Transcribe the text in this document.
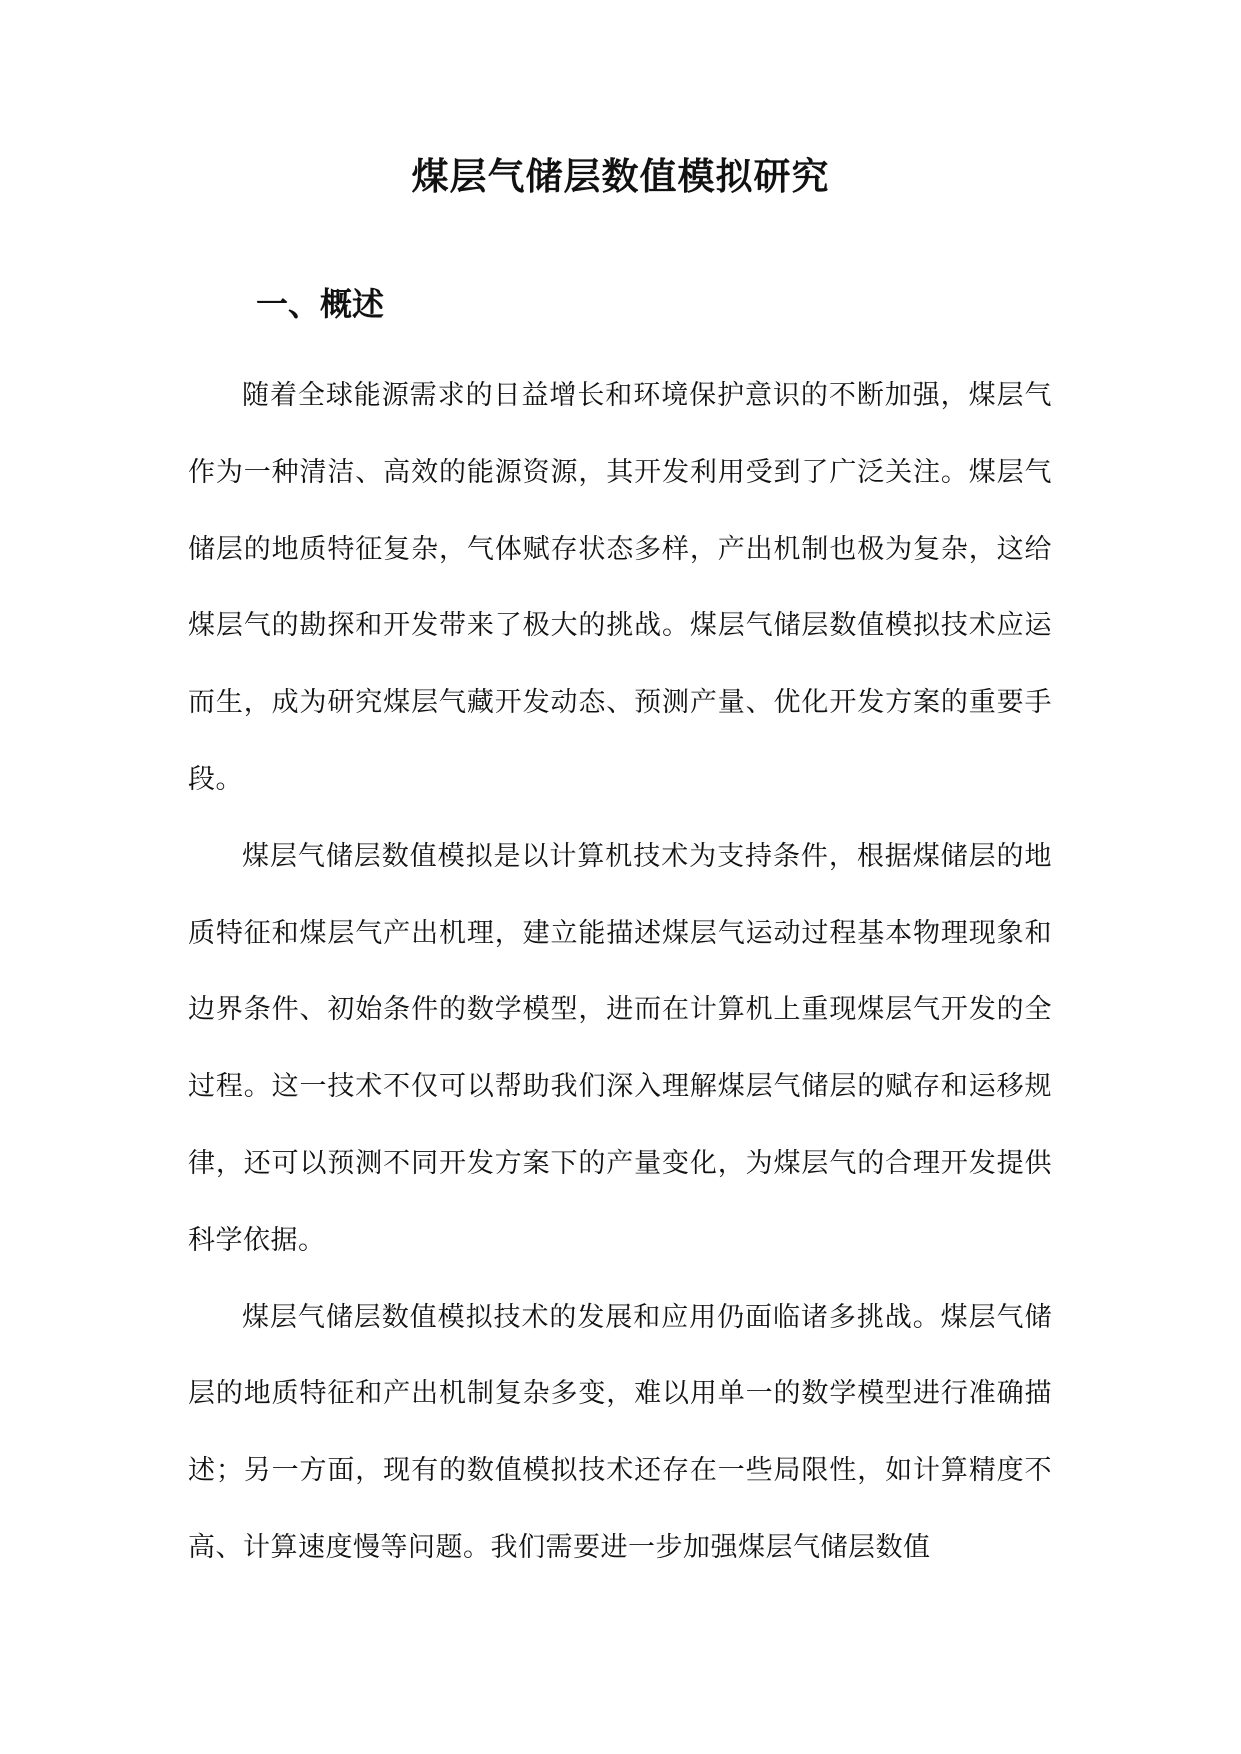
煤层气储层数值模拟研究
一、概述

随着全球能源需求的日益增长和环境保护意识的不断加强，煤层气作为一种清洁、高效的能源资源，其开发利用受到了广泛关注。煤层气储层的地质特征复杂，气体赋存状态多样，产出机制也极为复杂，这给煤层气的勘探和开发带来了极大的挑战。煤层气储层数值模拟技术应运而生，成为研究煤层气藏开发动态、预测产量、优化开发方案的重要手段。

煤层气储层数值模拟是以计算机技术为支持条件，根据煤储层的地质特征和煤层气产出机理，建立能描述煤层气运动过程基本物理现象和边界条件、初始条件的数学模型，进而在计算机上重现煤层气开发的全过程。这一技术不仅可以帮助我们深入理解煤层气储层的赋存和运移规律，还可以预测不同开发方案下的产量变化，为煤层气的合理开发提供科学依据。

煤层气储层数值模拟技术的发展和应用仍面临诸多挑战。煤层气储层的地质特征和产出机制复杂多变，难以用单一的数学模型进行准确描述；另一方面，现有的数值模拟技术还存在一些局限性，如计算精度不高、计算速度慢等问题。我们需要进一步加强煤层气储层数值
